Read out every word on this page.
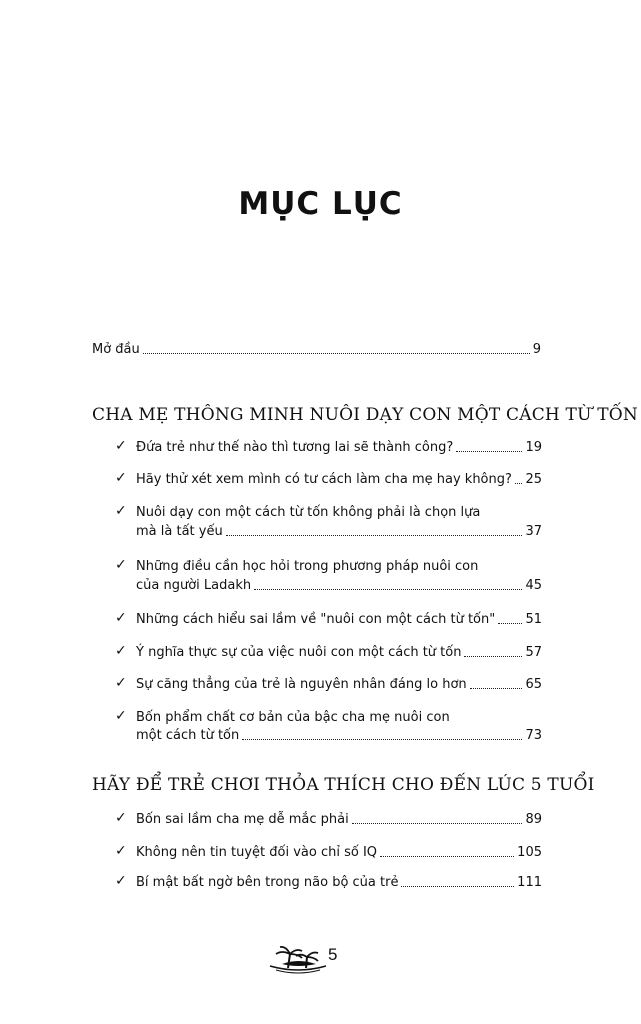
MỤC LỤC
Mở đầu	9
CHA MẸ THÔNG MINH NUÔI DẠY CON MỘT CÁCH TỪ TỐN
✓ Đứa trẻ như thế nào thì tương lai sẽ thành công?	19
✓ Hãy thử xét xem mình có tư cách làm cha mẹ hay không? 25
✓ Nuôi dạy con một cách từ tốn không phải là chọn lựa
mà là tất yếu	37
✓ Những điều cần học hỏi trong phương pháp nuôi con
của người Ladakh	45
✓ Những cách hiểu sai lầm về "nuôi con một cách từ tốn" 51
✓ Ý nghĩa thực sự của việc nuôi con một cách từ tốn	57
✓ Sự căng thẳng của trẻ là nguyên nhân đáng lo hơn	65
✓ Bốn phẩm chất cơ bản của bậc cha mẹ nuôi con
một cách từ tốn	73
HÃY ĐỂ TRẺ CHƠI THỎA THÍCH CHO ĐẾN LÚC 5 TUỔI
✓ Bốn sai lầm cha mẹ dễ mắc phải	89
✓ Không nên tin tuyệt đối vào chỉ số IQ	105
✓ Bí mật bất ngờ bên trong não bộ của trẻ	111
5
